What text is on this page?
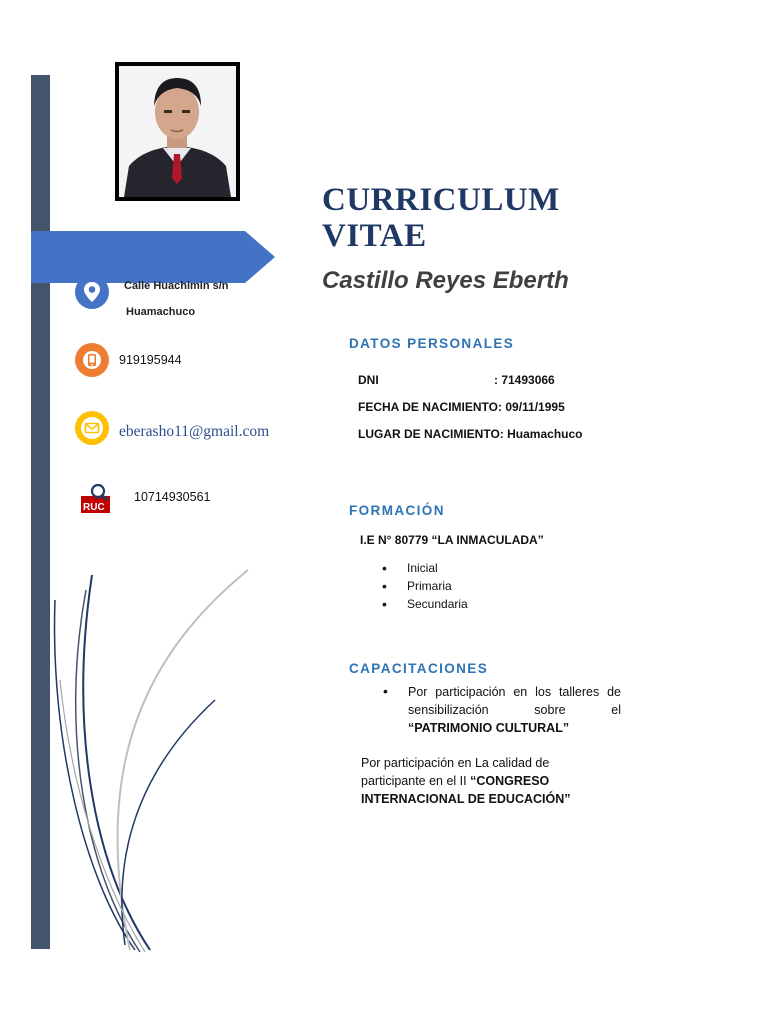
Calle Huachimin s/n
Huamachuco
919195944
eberasho11@gmail.com
RUC
10714930561
CURRICULUM
VITAE
Castillo Reyes Eberth
DATOS PERSONALES
DNI	: 71493066
FECHA DE NACIMIENTO: 09/11/1995
LUGAR DE NACIMIENTO: Huamachuco
FORMACIÓN
I.E N° 80779 “LA INMACULADA”
• Inicial
• Primaria
• Secundaria
CAPACITACIONES
• Por participación en los talleres de sensibilización sobre el “PATRIMONIO CULTURAL”
Por participación en La calidad de participante en el II “CONGRESO INTERNACIONAL DE EDUCACIÓN”
